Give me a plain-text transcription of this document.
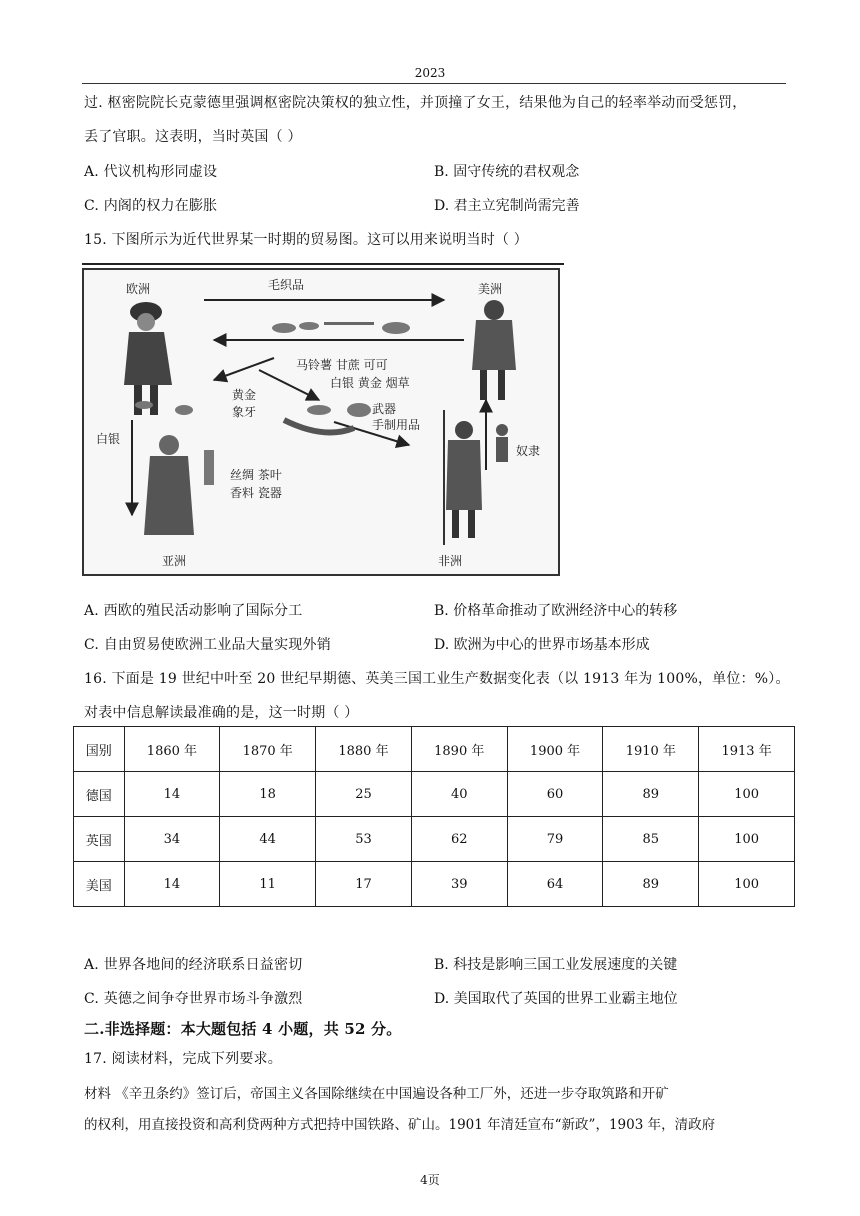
2023
过. 枢密院院长克蒙德里强调枢密院决策权的独立性，并顶撞了女王，结果他为自己的轻率举动而受惩罚，
丢了官职。这表明，当时英国（ ）
A. 代议机构形同虚设	B. 固守传统的君权观念
C. 内阁的权力在膨胀	D. 君主立宪制尚需完善
15. 下图所示为近代世界某一时期的贸易图。这可以用来说明当时（ ）
欧洲	美洲
毛织品
马铃薯 甘蔗 可可
白银 黄金 烟草
黄金
象牙	武器
手制用品
白银
奴隶
丝绸 茶叶
香料 瓷器
亚洲	非洲
A. 西欧的殖民活动影响了国际分工	B. 价格革命推动了欧洲经济中心的转移
C. 自由贸易使欧洲工业品大量实现外销	D. 欧洲为中心的世界市场基本形成
16. 下面是 19 世纪中叶至 20 世纪早期德、英美三国工业生产数据变化表（以 1913 年为 100%，单位：%）。
对表中信息解读最准确的是，这一时期（ ）
国别	1860 年	1870 年	1880 年	1890 年	1900 年	1910 年	1913 年
德国	14	18	25	40	60	89	100
英国	34	44	53	62	79	85	100
美国	14	11	17	39	64	89	100
A. 世界各地间的经济联系日益密切	B. 科技是影响三国工业发展速度的关键
C. 英德之间争夺世界市场斗争激烈	D. 美国取代了英国的世界工业霸主地位
二.非选择题：本大题包括 4 小题，共 52 分。
17. 阅读材料，完成下列要求。
材料 《辛丑条约》签订后，帝国主义各国除继续在中国遍设各种工厂外，还进一步夺取筑路和开矿
的权利，用直接投资和高利贷两种方式把持中国铁路、矿山。1901 年清廷宣布“新政”，1903 年，清政府
4页
